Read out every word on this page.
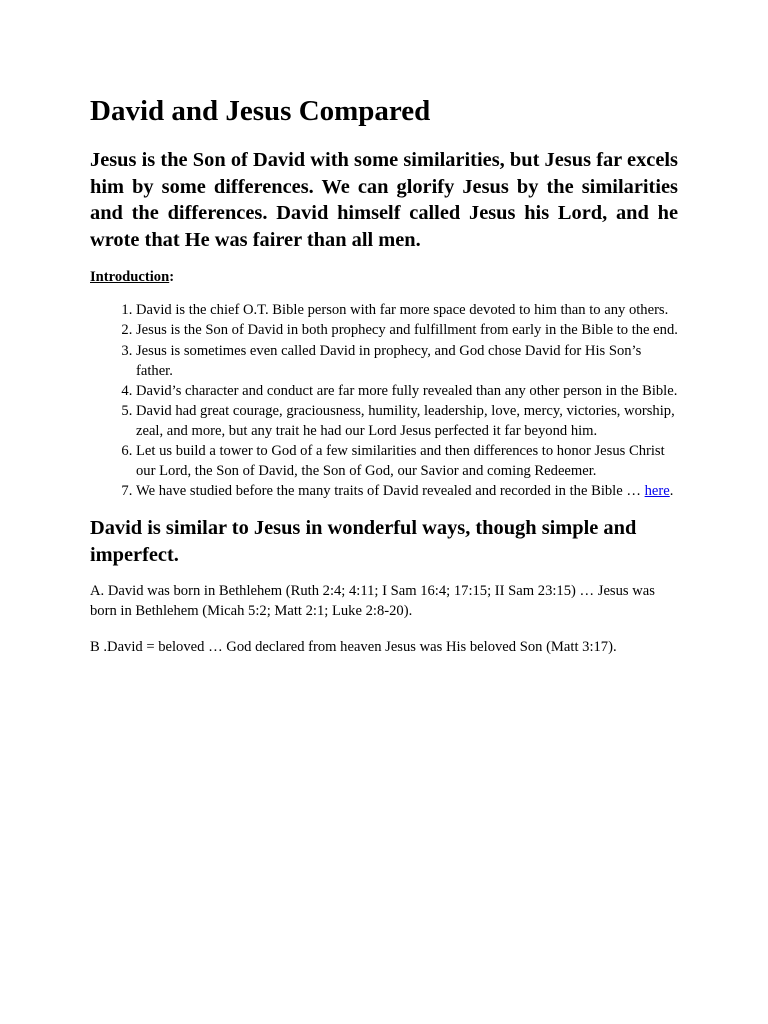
David and Jesus Compared

Jesus is the Son of David with some similarities, but Jesus far excels him by some differences. We can glorify Jesus by the similarities and the differences. David himself called Jesus his Lord, and he wrote that He was fairer than all men.

Introduction:

1. David is the chief O.T. Bible person with far more space devoted to him than to any others.
2. Jesus is the Son of David in both prophecy and fulfillment from early in the Bible to the end.
3. Jesus is sometimes even called David in prophecy, and God chose David for His Son’s father.
4. David’s character and conduct are far more fully revealed than any other person in the Bible.
5. David had great courage, graciousness, humility, leadership, love, mercy, victories, worship, zeal, and more, but any trait he had our Lord Jesus perfected it far beyond him.
6. Let us build a tower to God of a few similarities and then differences to honor Jesus Christ our Lord, the Son of David, the Son of God, our Savior and coming Redeemer.
7. We have studied before the many traits of David revealed and recorded in the Bible … here.
David is similar to Jesus in wonderful ways, though simple and imperfect.

A. David was born in Bethlehem (Ruth 2:4; 4:11; I Sam 16:4; 17:15; II Sam 23:15) … Jesus was born in Bethlehem (Micah 5:2; Matt 2:1; Luke 2:8-20).

B .David = beloved … God declared from heaven Jesus was His beloved Son (Matt 3:17).
